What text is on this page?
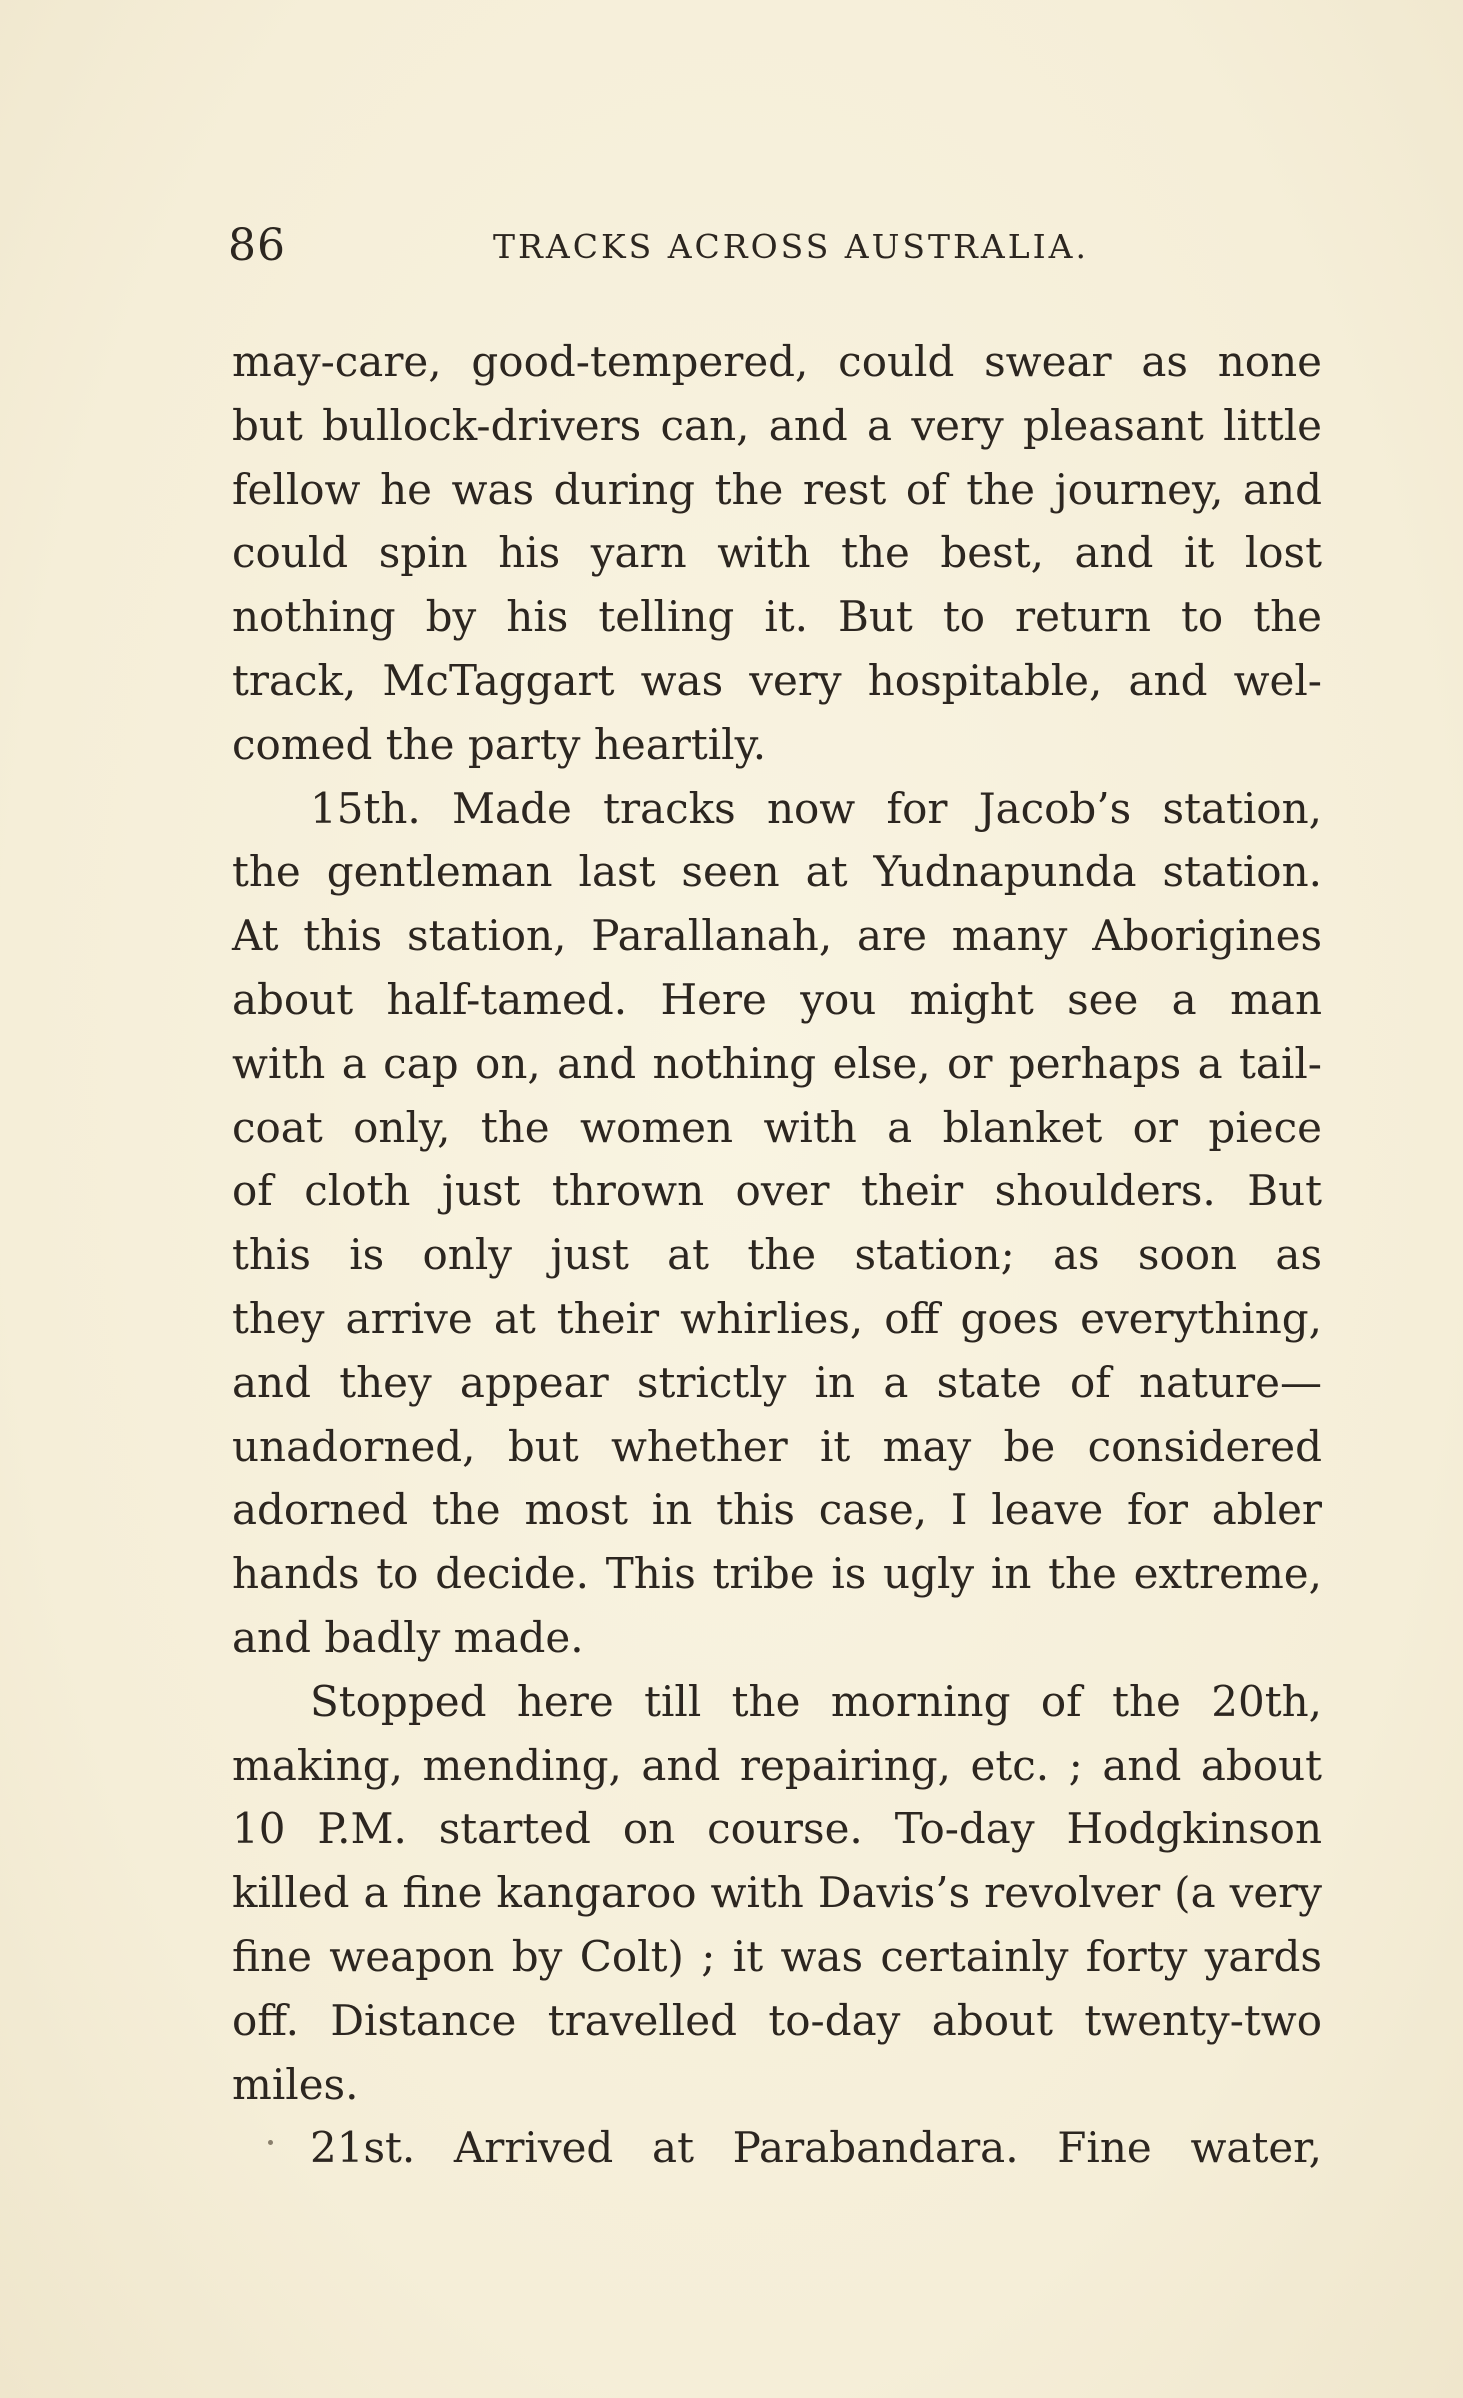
86	TRACKS ACROSS AUSTRALIA.
may-care, good-tempered, could swear as none
but bullock-drivers can, and a very pleasant little
fellow he was during the rest of the journey, and
could spin his yarn with the best, and it lost
nothing by his telling it. But to return to the
track, McTaggart was very hospitable, and wel-
comed the party heartily.
15th. Made tracks now for Jacob’s station,
the gentleman last seen at Yudnapunda station.
At this station, Parallanah, are many Aborigines
about half-tamed. Here you might see a man
with a cap on, and nothing else, or perhaps a tail-
coat only, the women with a blanket or piece
of cloth just thrown over their shoulders. But
this is only just at the station; as soon as
they arrive at their whirlies, off goes everything,
and they appear strictly in a state of nature—
unadorned, but whether it may be considered
adorned the most in this case, I leave for abler
hands to decide. This tribe is ugly in the extreme,
and badly made.
Stopped here till the morning of the 20th,
making, mending, and repairing, etc. ; and about
10 P.M. started on course. To-day Hodgkinson
killed a fine kangaroo with Davis’s revolver (a very
fine weapon by Colt) ; it was certainly forty yards
off. Distance travelled to-day about twenty-two
miles.
21st. Arrived at Parabandara. Fine water,
